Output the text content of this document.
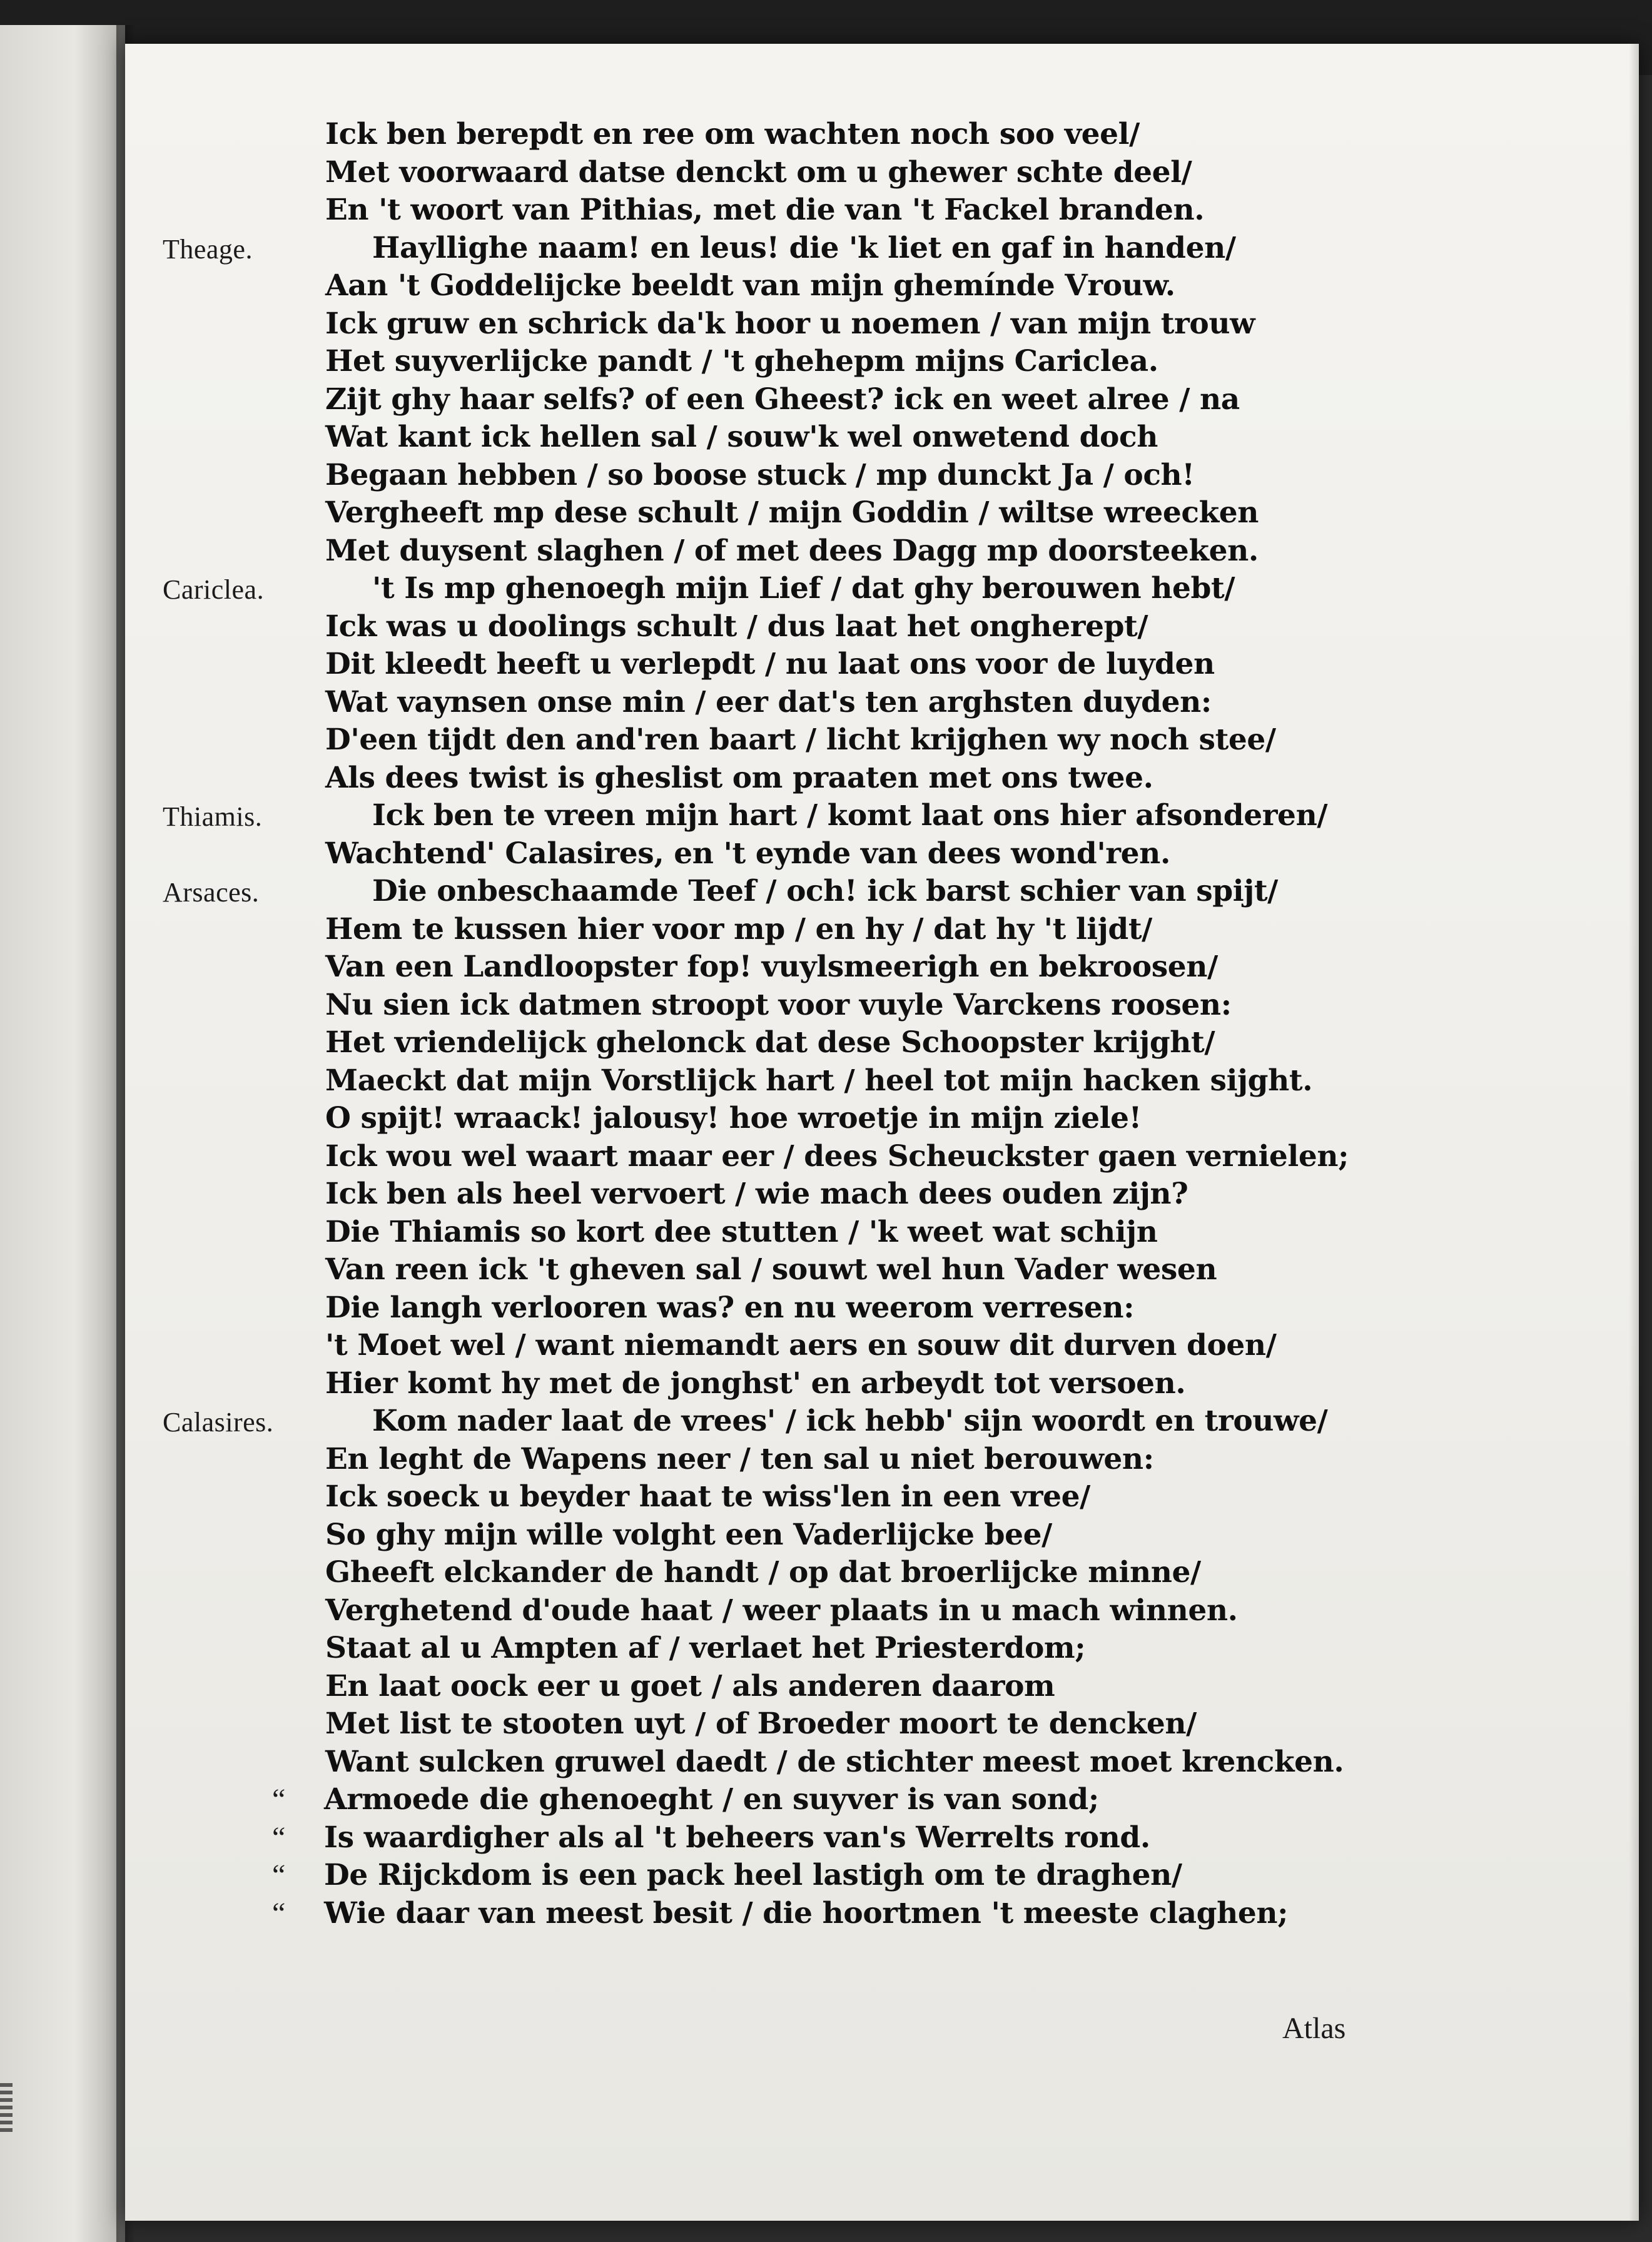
Ick ben berepdt en ree om wachten noch soo veel/
Met voorwaard datse denckt om u ghewer schte deel/
En 't woort van Pithias, met die van 't Fackel branden.
Theage.	Hayllighe naam! en leus! die 'k liet en gaf in handen/
Aan 't Goddelijcke beeldt van mijn ghemínde Vrouw.
Ick gruw en schrick da'k hoor u noemen / van mijn trouw
Het suyverlijcke pandt / 't ghehepm mijns Cariclea.
Zijt ghy haar selfs? of een Gheest? ick en weet alree / na
Wat kant ick hellen sal / souw'k wel onwetend doch
Begaan hebben / so boose stuck / mp dunckt Ja / och!
Vergheeft mp dese schult / mijn Goddin / wiltse wreecken
Met duysent slaghen / of met dees Dagg mp doorsteeken.
Cariclea.	't Is mp ghenoegh mijn Lief / dat ghy berouwen hebt/
Ick was u doolings schult / dus laat het ongherept/
Dit kleedt heeft u verlepdt / nu laat ons voor de luyden
Wat vaynsen onse min / eer dat's ten arghsten duyden:
D'een tijdt den and'ren baart / licht krijghen wy noch stee/
Als dees twist is gheslist om praaten met ons twee.
Thiamis.	Ick ben te vreen mijn hart / komt laat ons hier afsonderen/
Wachtend' Calasires, en 't eynde van dees wond'ren.
Arsaces.	Die onbeschaamde Teef / och! ick barst schier van spijt/
Hem te kussen hier voor mp / en hy / dat hy 't lijdt/
Van een Landloopster fop! vuylsmeerigh en bekroosen/
Nu sien ick datmen stroopt voor vuyle Varckens roosen:
Het vriendelijck ghelonck dat dese Schoopster krijght/
Maeckt dat mijn Vorstlijck hart / heel tot mijn hacken sijght.
O spijt! wraack! jalousy! hoe wroetje in mijn ziele!
Ick wou wel waart maar eer / dees Scheuckster gaen vernielen;
Ick ben als heel vervoert / wie mach dees ouden zijn?
Die Thiamis so kort dee stutten / 'k weet wat schijn
Van reen ick 't gheven sal / souwt wel hun Vader wesen
Die langh verlooren was? en nu weerom verresen:
't Moet wel / want niemandt aers en souw dit durven doen/
Hier komt hy met de jonghst' en arbeydt tot versoen.
Calasires.	Kom nader laat de vrees' / ick hebb' sijn woordt en trouwe/
En leght de Wapens neer / ten sal u niet berouwen:
Ick soeck u beyder haat te wiss'len in een vree/
So ghy mijn wille volght een Vaderlijcke bee/
Gheeft elckander de handt / op dat broerlijcke minne/
Verghetend d'oude haat / weer plaats in u mach winnen.
Staat al u Ampten af / verlaet het Priesterdom;
En laat oock eer u goet / als anderen daarom
Met list te stooten uyt / of Broeder moort te dencken/
Want sulcken gruwel daedt / de stichter meest moet krencken.
“ Armoede die ghenoeght / en suyver is van sond;
“ Is waardigher als al 't beheers van's Werrelts rond.
“ De Rijckdom is een pack heel lastigh om te draghen/
“ Wie daar van meest besit / die hoortmen 't meeste claghen;
Atlas
